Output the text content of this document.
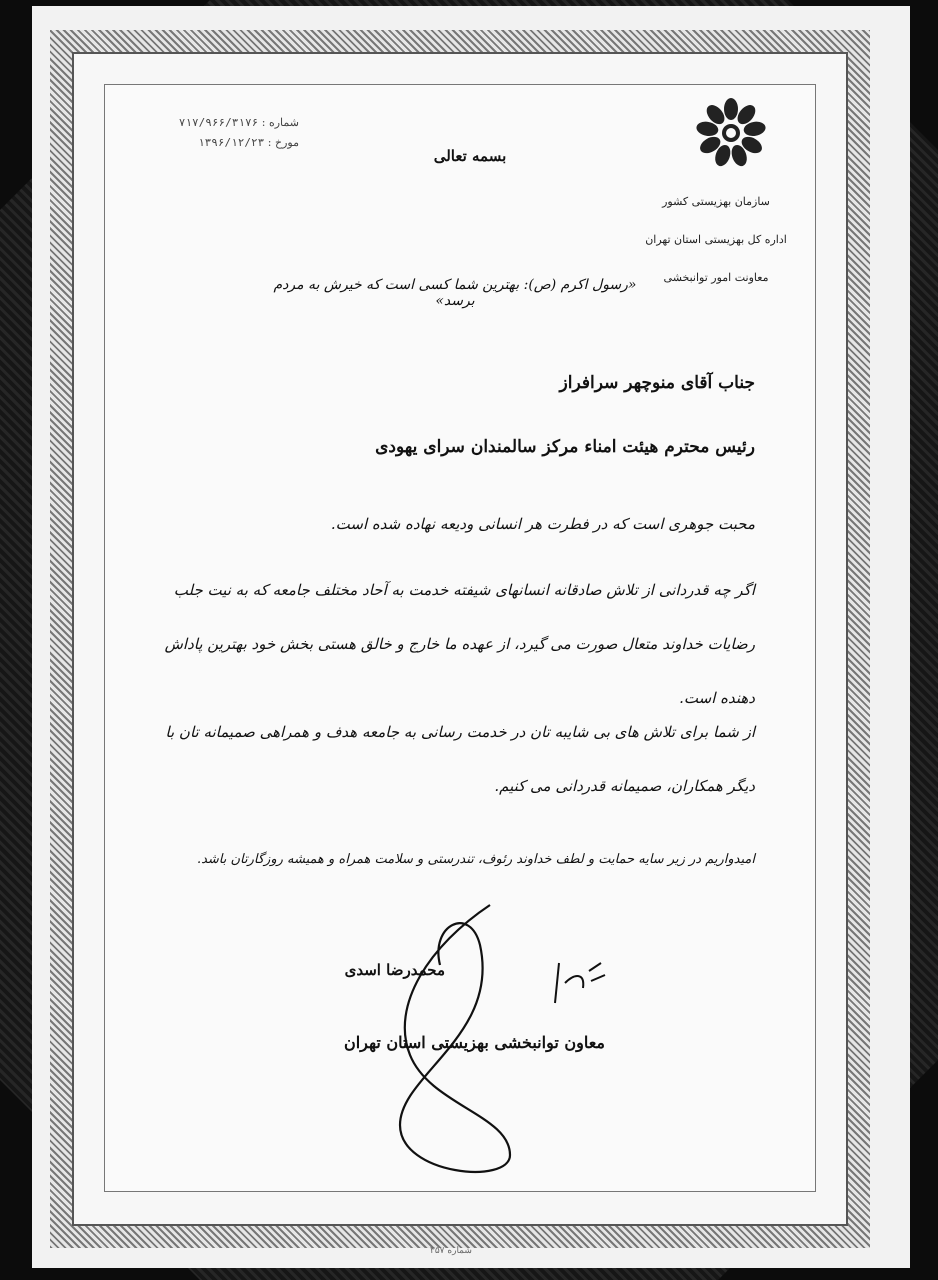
سازمان بهزیستی کشور
اداره کل بهزیستی استان تهران
معاونت امور توانبخشی
شماره : ۷۱۷/۹۶۶/۳۱۷۶
مورخ : ۱۳۹۶/۱۲/۲۳
بسمه تعالی
«رسول اکرم (ص): بهترین شما کسی است که خیرش به مردم برسد»
جناب آقای منوچهر سرافراز
رئیس محترم هیئت امناء مرکز سالمندان سرای یهودی
محبت جوهری است که در فطرت هر انسانی ودیعه نهاده شده است.
اگر چه قدردانی از تلاش صادقانه انسانهای شیفته خدمت به آحاد مختلف جامعه که به نیت جلب رضایات خداوند متعال صورت می گیرد، از عهده ما خارج و خالق هستی بخش خود بهترین پاداش دهنده است.
از شما برای تلاش های بی شایبه تان در خدمت رسانی به جامعه هدف و همراهی صمیمانه تان با دیگر همکاران، صمیمانه قدردانی می کنیم.
امیدواریم در زیر سایه حمایت و لطف خداوند رئوف، تندرستی و سلامت همراه و همیشه روزگارتان باشد.
محمدرضا اسدی
معاون توانبخشی بهزیستی استان تهران
شماره ۳۵۷
